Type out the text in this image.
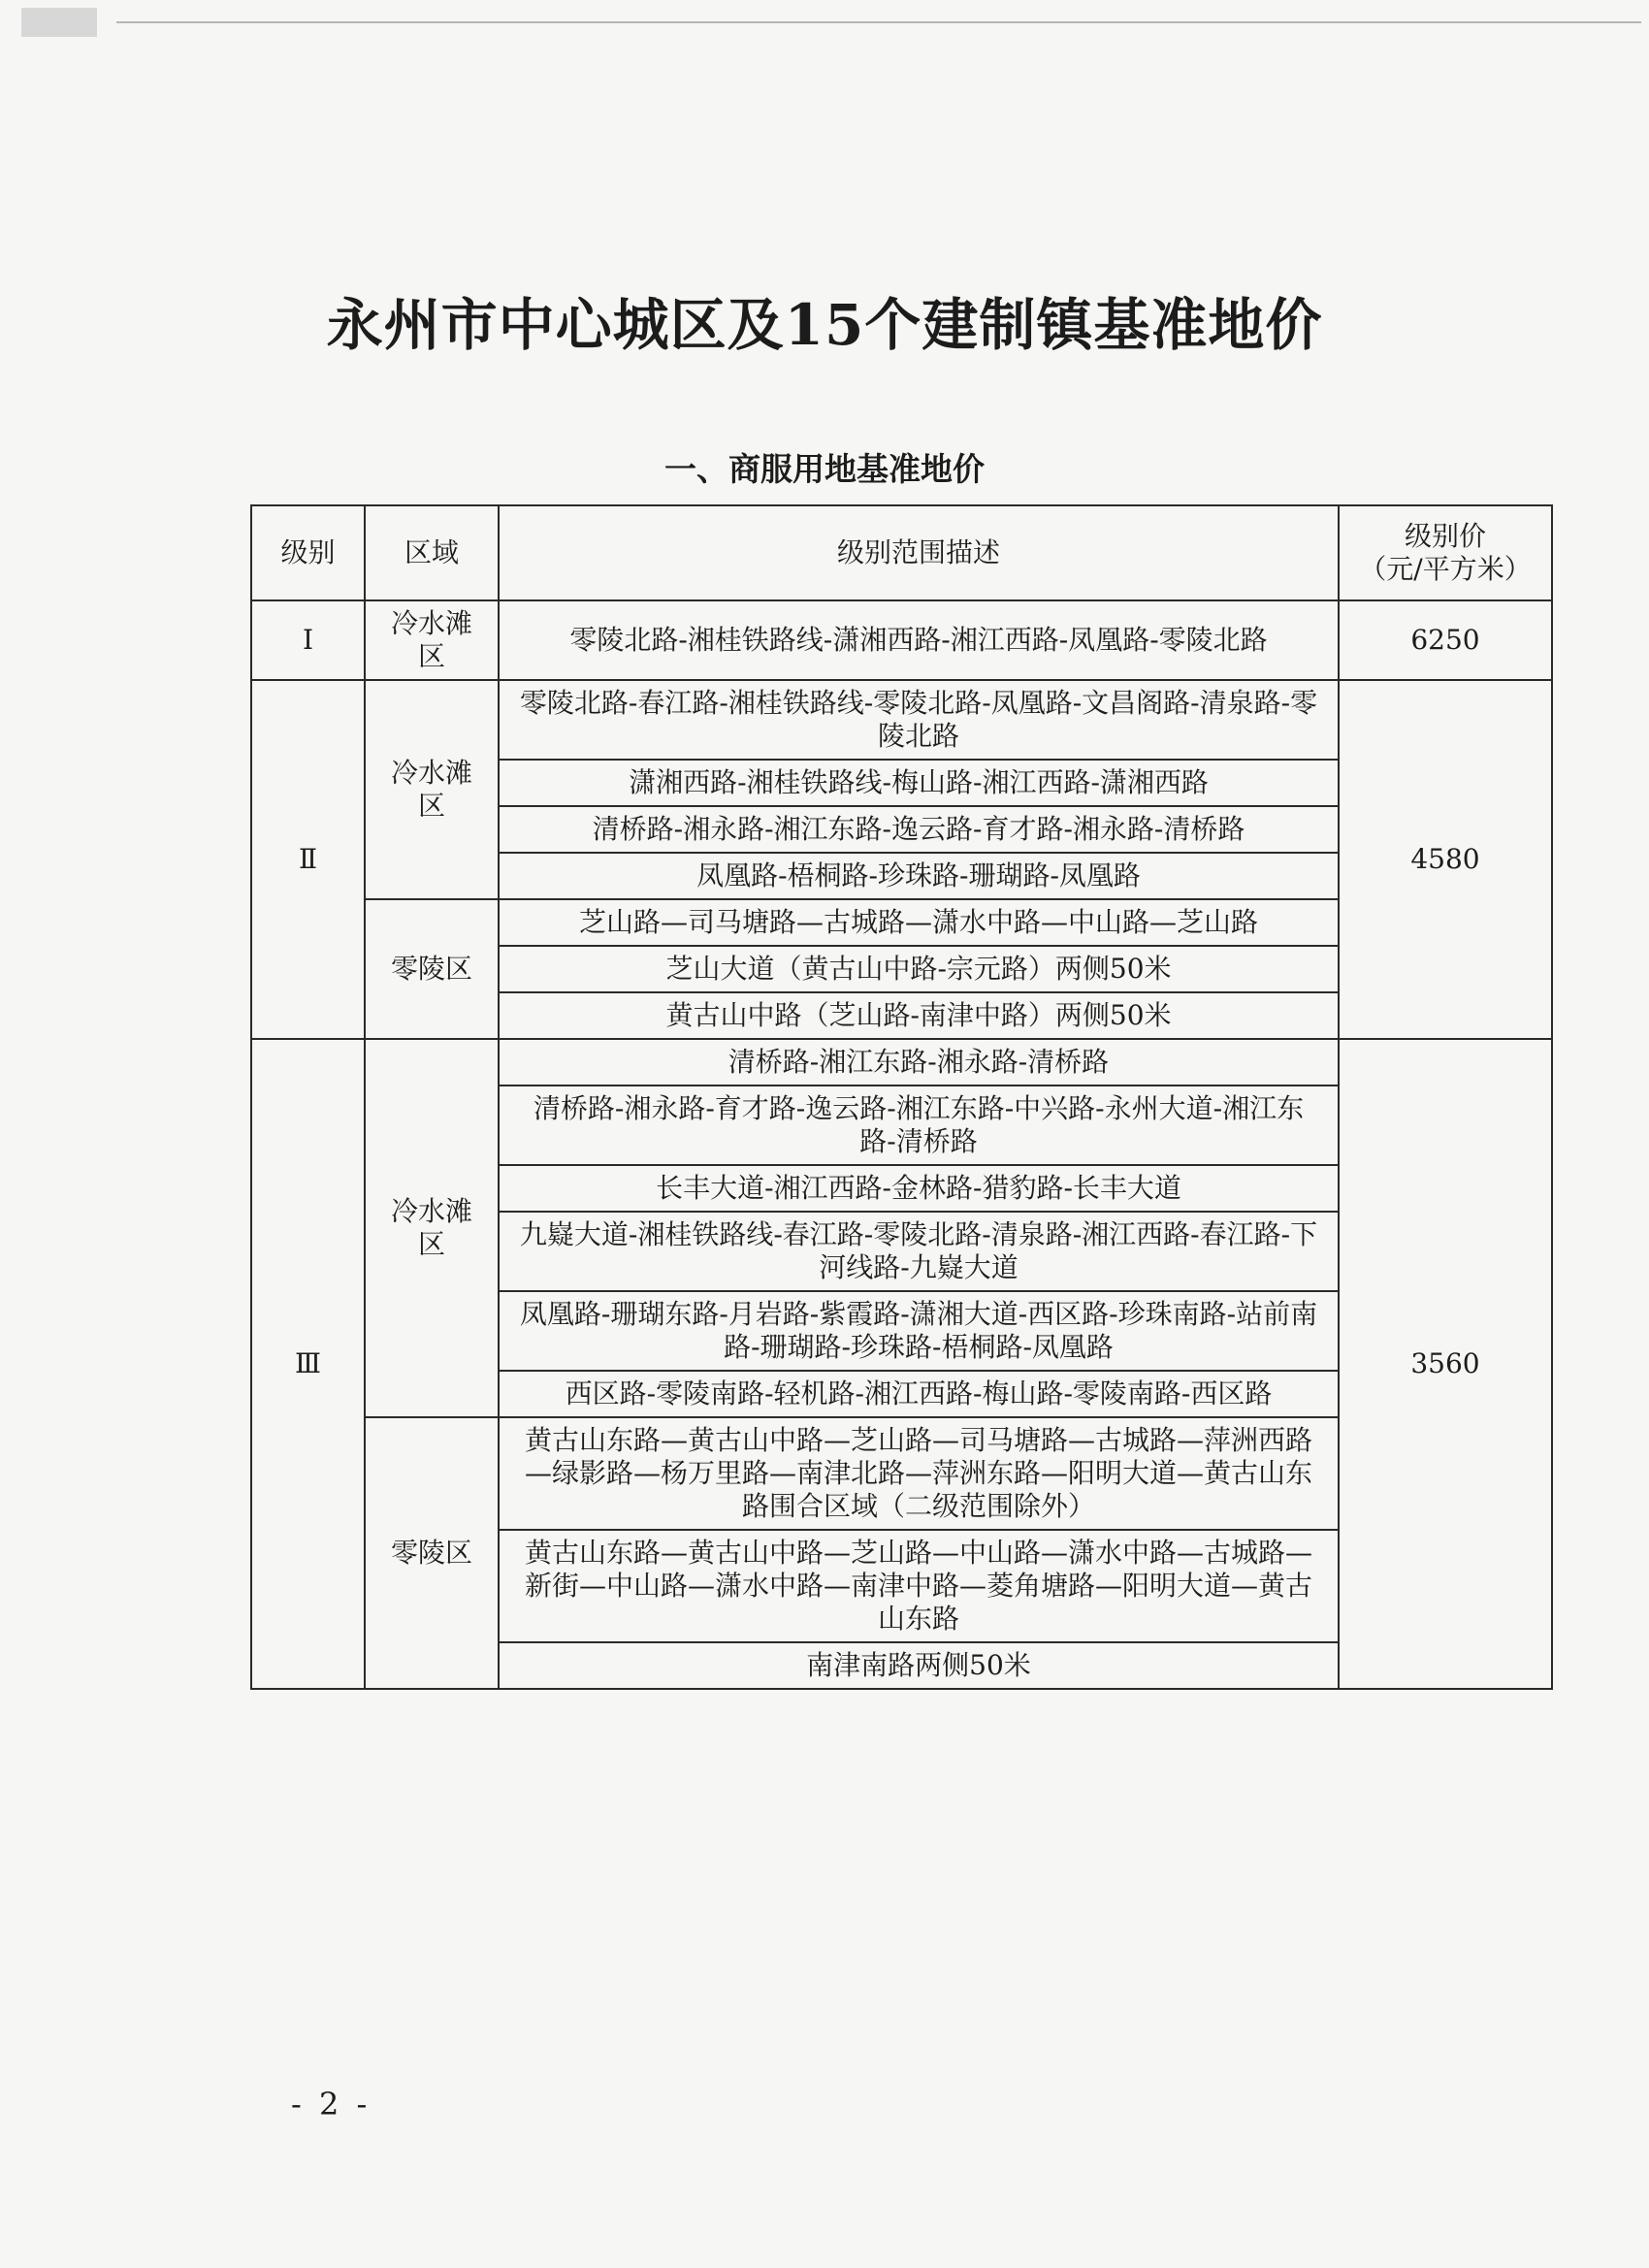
永州市中心城区及15个建制镇基准地价
一、商服用地基准地价
级别	区域	级别范围描述	级别价
（元/平方米）
Ⅰ	冷水滩区	零陵北路-湘桂铁路线-潇湘西路-湘江西路-凤凰路-零陵北路	6250
Ⅱ	冷水滩区	零陵北路-春江路-湘桂铁路线-零陵北路-凤凰路-文昌阁路-清泉路-零陵北路	4580
		潇湘西路-湘桂铁路线-梅山路-湘江西路-潇湘西路	
		清桥路-湘永路-湘江东路-逸云路-育才路-湘永路-清桥路	
		凤凰路-梧桐路-珍珠路-珊瑚路-凤凰路	
	零陵区	芝山路—司马塘路—古城路—潇水中路—中山路—芝山路	
		芝山大道（黄古山中路-宗元路）两侧50米	
		黄古山中路（芝山路-南津中路）两侧50米	
Ⅲ	冷水滩区	清桥路-湘江东路-湘永路-清桥路	3560
		清桥路-湘永路-育才路-逸云路-湘江东路-中兴路-永州大道-湘江东路-清桥路	
		长丰大道-湘江西路-金林路-猎豹路-长丰大道	
		九嶷大道-湘桂铁路线-春江路-零陵北路-清泉路-湘江西路-春江路-下河线路-九嶷大道	
		凤凰路-珊瑚东路-月岩路-紫霞路-潇湘大道-西区路-珍珠南路-站前南路-珊瑚路-珍珠路-梧桐路-凤凰路	
		西区路-零陵南路-轻机路-湘江西路-梅山路-零陵南路-西区路	
	零陵区	黄古山东路—黄古山中路—芝山路—司马塘路—古城路—萍洲西路—绿影路—杨万里路—南津北路—萍洲东路—阳明大道—黄古山东路围合区域（二级范围除外）	
		黄古山东路—黄古山中路—芝山路—中山路—潇水中路—古城路—新街—中山路—潇水中路—南津中路—菱角塘路—阳明大道—黄古山东路	
		南津南路两侧50米	
- 2 -
